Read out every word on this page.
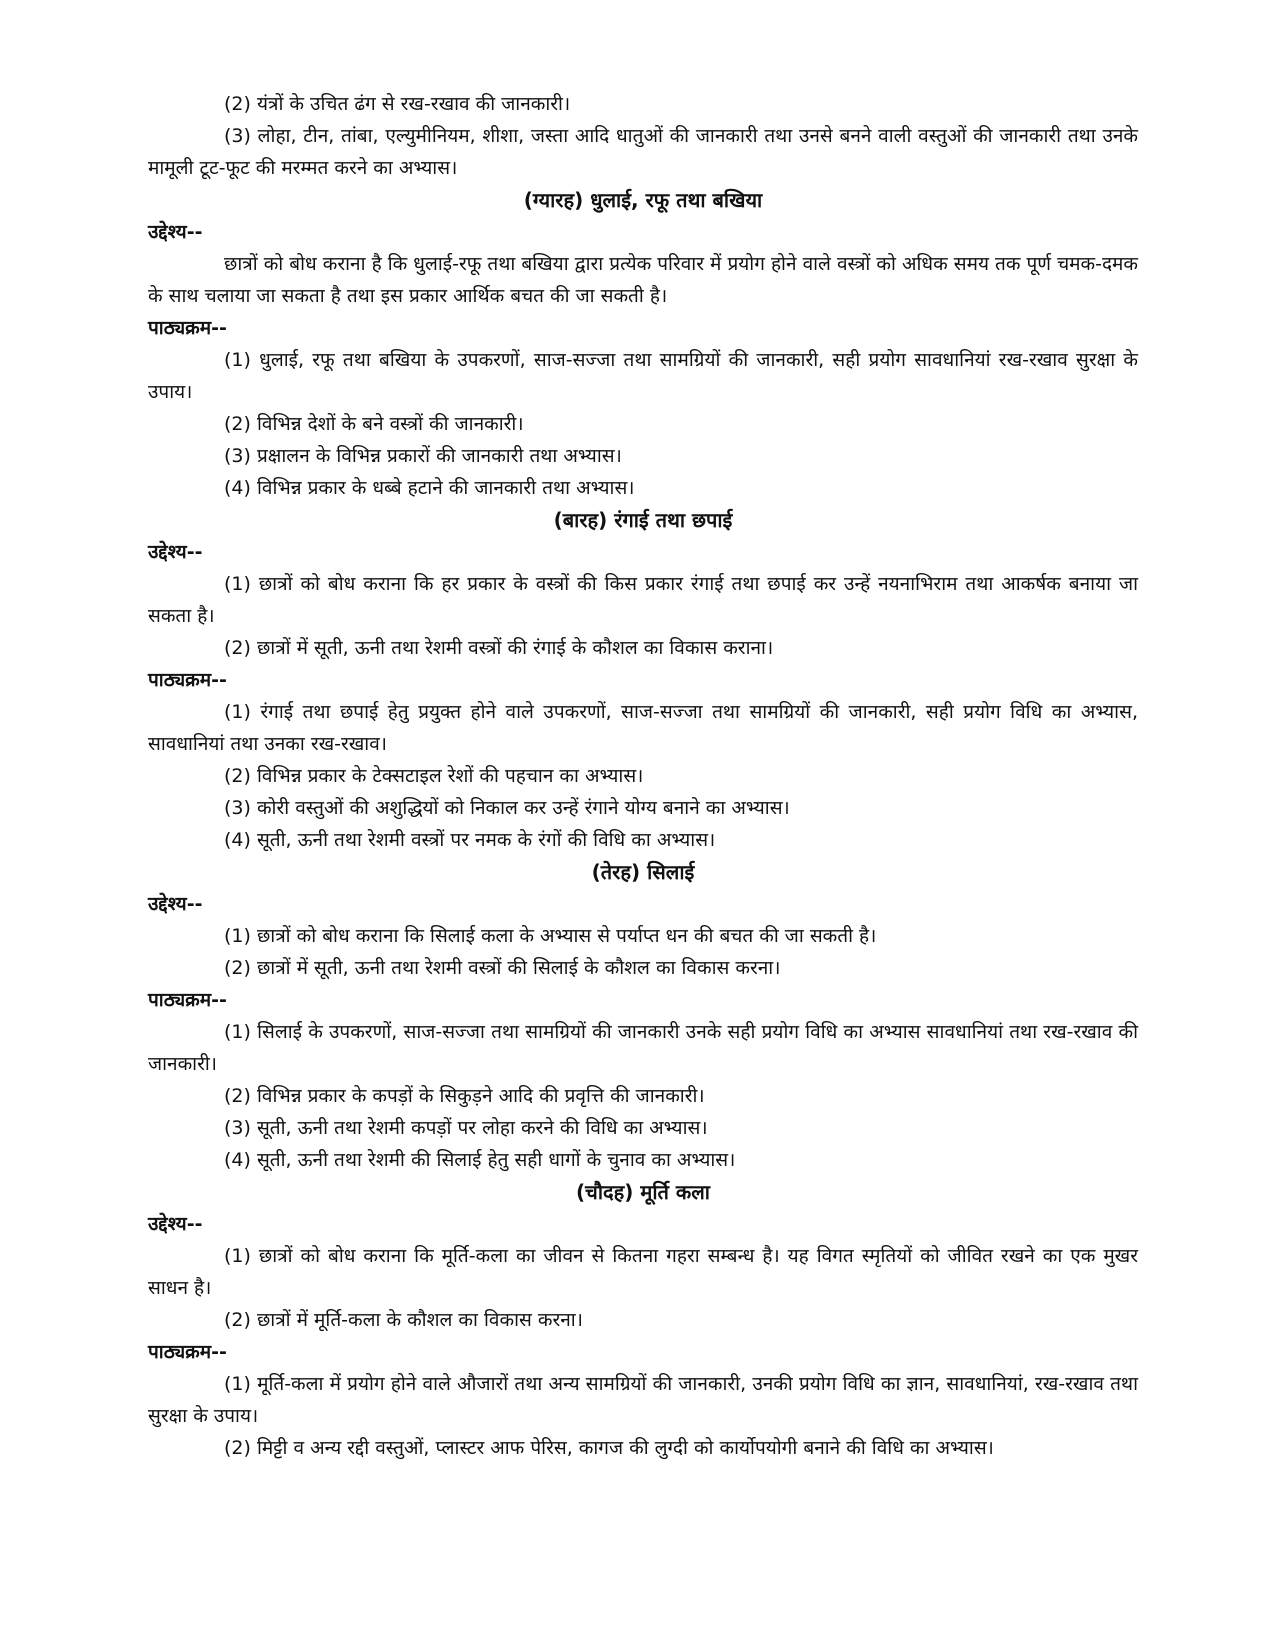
(2) यंत्रों के उचित ढंग से रख-रखाव की जानकारी।

(3) लोहा, टीन, तांबा, एल्युमीनियम, शीशा, जस्ता आदि धातुओं की जानकारी तथा उनसे बनने वाली वस्तुओं की जानकारी तथा उनके मामूली टूट-फूट की मरम्मत करने का अभ्यास।

(ग्यारह) धुलाई, रफू तथा बखिया

उद्देश्य--

छात्रों को बोध कराना है कि धुलाई-रफू तथा बखिया द्वारा प्रत्येक परिवार में प्रयोग होने वाले वस्त्रों को अधिक समय तक पूर्ण चमक-दमक के साथ चलाया जा सकता है तथा इस प्रकार आर्थिक बचत की जा सकती है।

पाठ्यक्रम--

(1) धुलाई, रफू तथा बखिया के उपकरणों, साज-सज्जा तथा सामग्रियों की जानकारी, सही प्रयोग सावधानियां रख-रखाव सुरक्षा के उपाय।

(2) विभिन्न देशों के बने वस्त्रों की जानकारी।

(3) प्रक्षालन के विभिन्न प्रकारों की जानकारी तथा अभ्यास।

(4) विभिन्न प्रकार के धब्बे हटाने की जानकारी तथा अभ्यास।

(बारह) रंगाई तथा छपाई

उद्देश्य--

(1) छात्रों को बोध कराना कि हर प्रकार के वस्त्रों की किस प्रकार रंगाई तथा छपाई कर उन्हें नयनाभिराम तथा आकर्षक बनाया जा सकता है।

(2) छात्रों में सूती, ऊनी तथा रेशमी वस्त्रों की रंगाई के कौशल का विकास कराना।

पाठ्यक्रम--

(1) रंगाई तथा छपाई हेतु प्रयुक्त होने वाले उपकरणों, साज-सज्जा तथा सामग्रियों की जानकारी, सही प्रयोग विधि का अभ्यास, सावधानियां तथा उनका रख-रखाव।

(2) विभिन्न प्रकार के टेक्सटाइल रेशों की पहचान का अभ्यास।

(3) कोरी वस्तुओं की अशुद्धियों को निकाल कर उन्हें रंगाने योग्य बनाने का अभ्यास।

(4) सूती, ऊनी तथा रेशमी वस्त्रों पर नमक के रंगों की विधि का अभ्यास।

(तेरह) सिलाई

उद्देश्य--

(1) छात्रों को बोध कराना कि सिलाई कला के अभ्यास से पर्याप्त धन की बचत की जा सकती है।

(2) छात्रों में सूती, ऊनी तथा रेशमी वस्त्रों की सिलाई के कौशल का विकास करना।

पाठ्यक्रम--

(1) सिलाई के उपकरणों, साज-सज्जा तथा सामग्रियों की जानकारी उनके सही प्रयोग विधि का अभ्यास सावधानियां तथा रख-रखाव की जानकारी।

(2) विभिन्न प्रकार के कपड़ों के सिकुड़ने आदि की प्रवृत्ति की जानकारी।

(3) सूती, ऊनी तथा रेशमी कपड़ों पर लोहा करने की विधि का अभ्यास।

(4) सूती, ऊनी तथा रेशमी की सिलाई हेतु सही धागों के चुनाव का अभ्यास।

(चौदह) मूर्ति कला

उद्देश्य--

(1) छात्रों को बोध कराना कि मूर्ति-कला का जीवन से कितना गहरा सम्बन्ध है। यह विगत स्मृतियों को जीवित रखने का एक मुखर साधन है।

(2) छात्रों में मूर्ति-कला के कौशल का विकास करना।

पाठ्यक्रम--

(1) मूर्ति-कला में प्रयोग होने वाले औजारों तथा अन्य सामग्रियों की जानकारी, उनकी प्रयोग विधि का ज्ञान, सावधानियां, रख-रखाव तथा सुरक्षा के उपाय।

(2) मिट्टी व अन्य रद्दी वस्तुओं, प्लास्टर आफ पेरिस, कागज की लुग्दी को कार्योपयोगी बनाने की विधि का अभ्यास।
